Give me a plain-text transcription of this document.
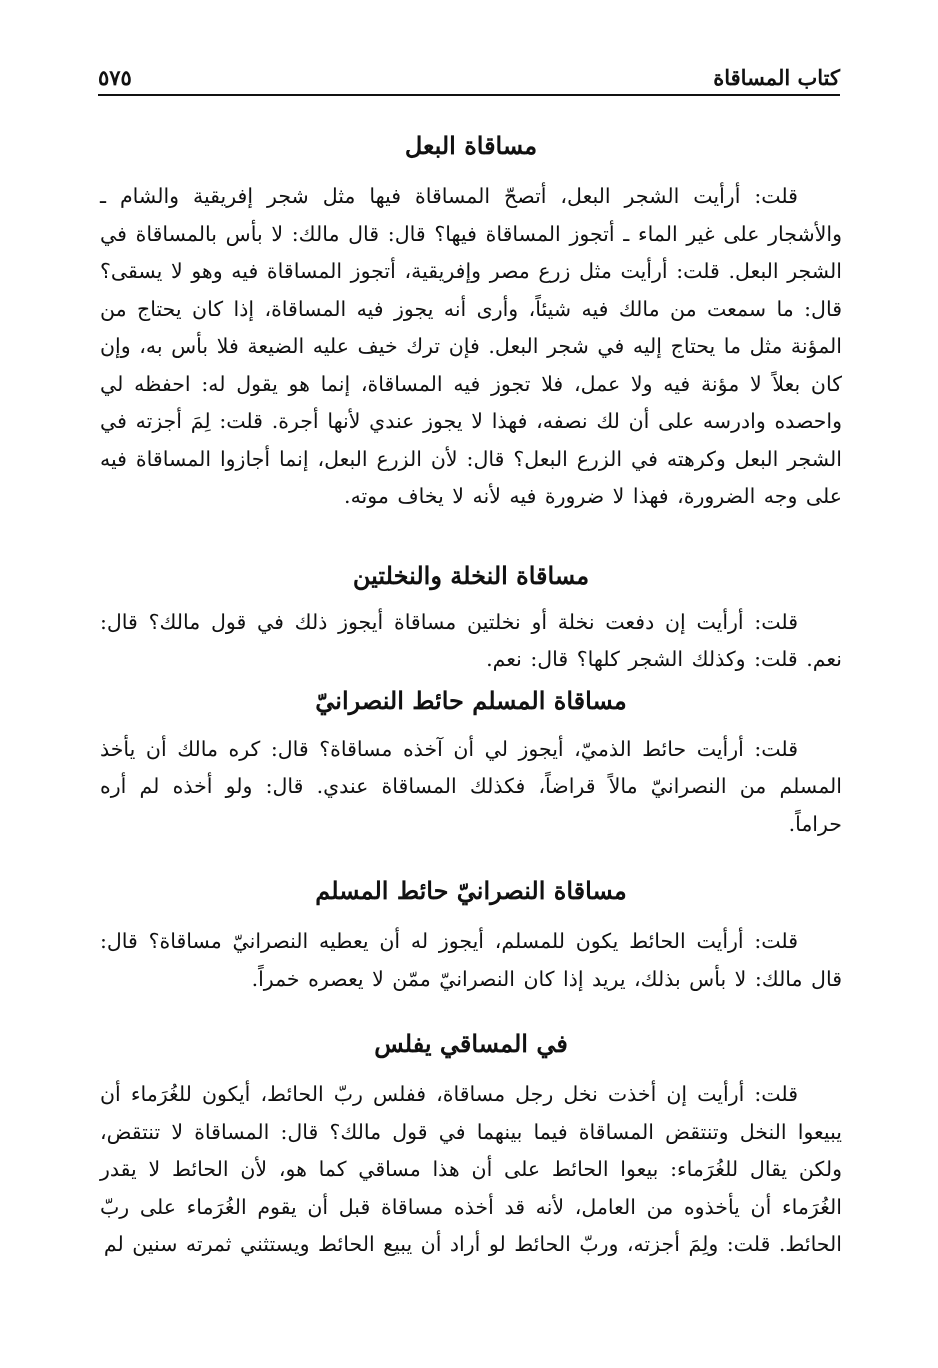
كتاب المساقاة
٥٧٥
مساقاة البعل

قلت: أرأيت الشجر البعل، أتصحّ المساقاة فيها مثل شجر إفريقية والشام ـ والأشجار على غير الماء ـ أتجوز المساقاة فيها؟ قال: قال مالك: لا بأس بالمساقاة في الشجر البعل. قلت: أرأيت مثل زرع مصر وإفريقية، أتجوز المساقاة فيه وهو لا يسقى؟ قال: ما سمعت من مالك فيه شيئاً، وأرى أنه يجوز فيه المساقاة، إذا كان يحتاج من المؤنة مثل ما يحتاج إليه في شجر البعل. فإن ترك خيف عليه الضيعة فلا بأس به، وإن كان بعلاً لا مؤنة فيه ولا عمل، فلا تجوز فيه المساقاة، إنما هو يقول له: احفظه لي واحصده وادرسه على أن لك نصفه، فهذا لا يجوز عندي لأنها أجرة. قلت: لِمَ أجزته في الشجر البعل وكرهته في الزرع البعل؟ قال: لأن الزرع البعل، إنما أجازوا المساقاة فيه على وجه الضرورة، فهذا لا ضرورة فيه لأنه لا يخاف موته.

مساقاة النخلة والنخلتين

قلت: أرأيت إن دفعت نخلة أو نخلتين مساقاة أيجوز ذلك في قول مالك؟ قال: نعم. قلت: وكذلك الشجر كلها؟ قال: نعم.

مساقاة المسلم حائط النصرانيّ

قلت: أرأيت حائط الذميّ، أيجوز لي أن آخذه مساقاة؟ قال: كره مالك أن يأخذ المسلم من النصرانيّ مالاً قراضاً، فكذلك المساقاة عندي. قال: ولو أخذه لم أره حراماً.

مساقاة النصرانيّ حائط المسلم

قلت: أرأيت الحائط يكون للمسلم، أيجوز له أن يعطيه النصرانيّ مساقاة؟ قال: قال مالك: لا بأس بذلك، يريد إذا كان النصرانيّ ممّن لا يعصره خمراً.

في المساقي يفلس

قلت: أرأيت إن أخذت نخل رجل مساقاة، ففلس ربّ الحائط، أيكون للغُرَماء أن يبيعوا النخل وتنتقض المساقاة فيما بينهما في قول مالك؟ قال: المساقاة لا تنتقض، ولكن يقال للغُرَماء: بيعوا الحائط على أن هذا مساقي كما هو، لأن الحائط لا يقدر الغُرَماء أن يأخذوه من العامل، لأنه قد أخذه مساقاة قبل أن يقوم الغُرَماء على ربّ الحائط. قلت: ولِمَ أجزته، وربّ الحائط لو أراد أن يبيع الحائط ويستثني ثمرته سنين لم
